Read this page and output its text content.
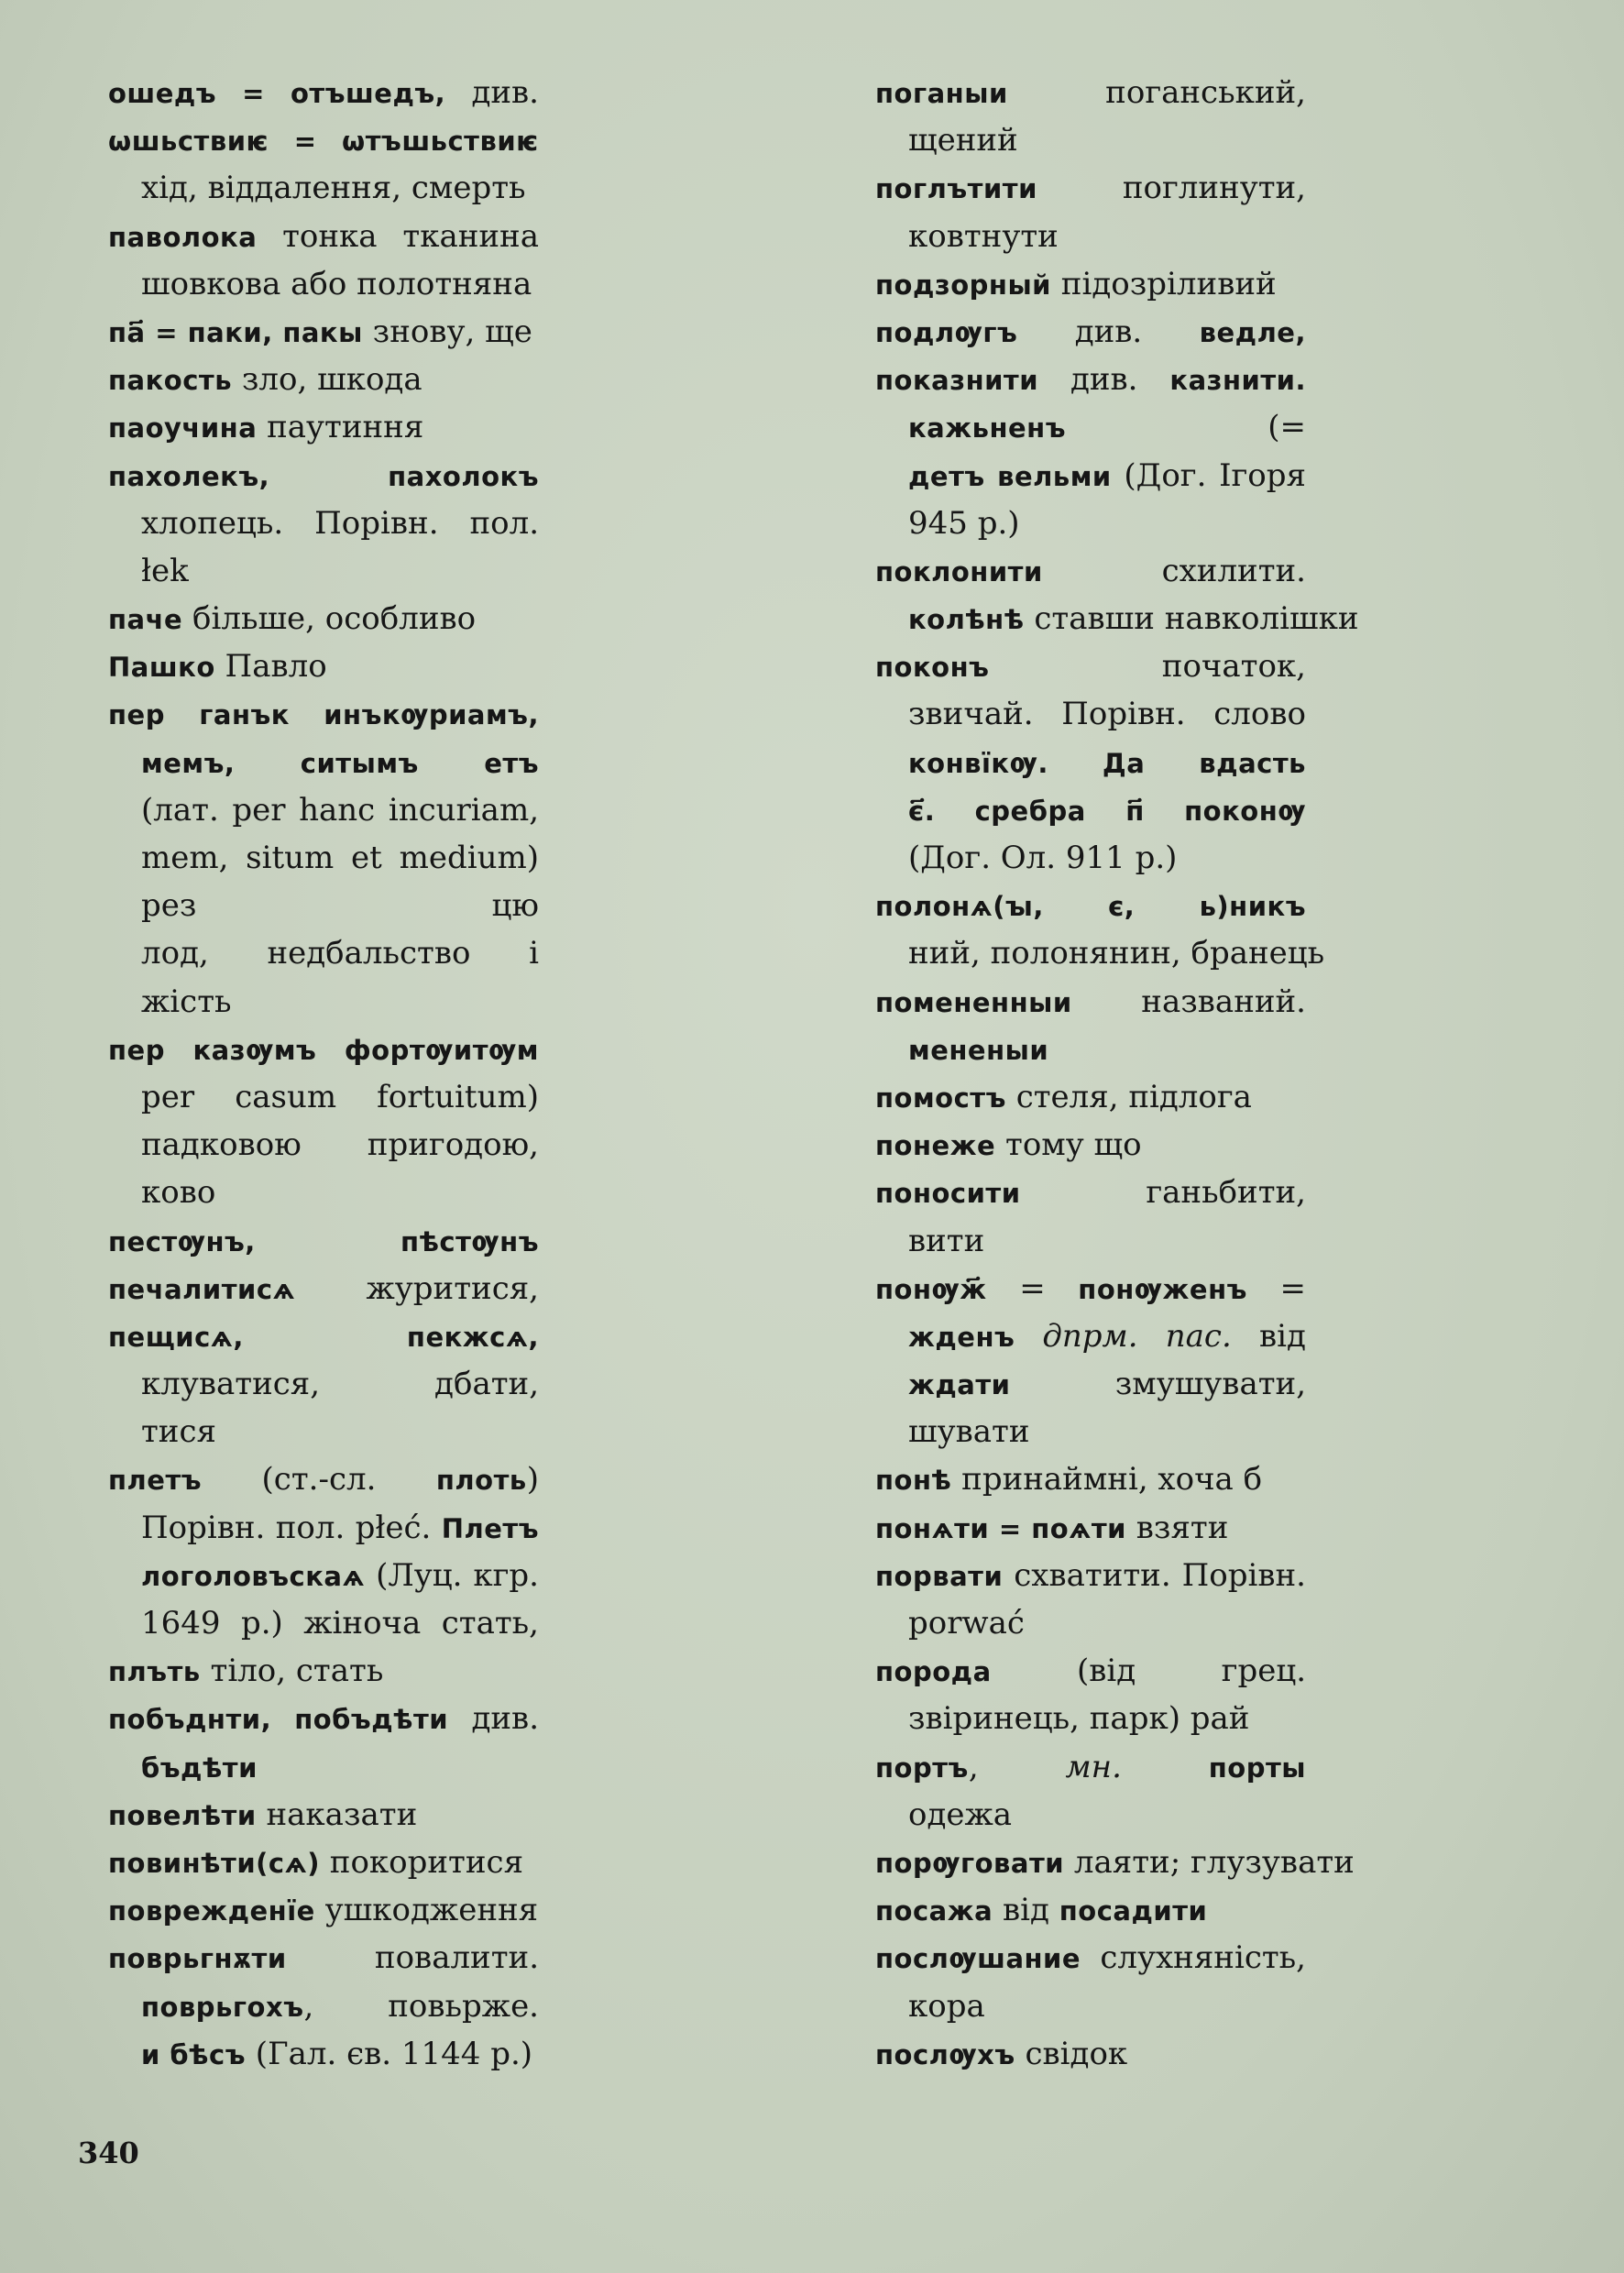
ошедъ = отъшедъ, див.
ѡшьствиѥ = ѡтъшьствиѥ
хід, віддалення, смерть
паволока тонка тканина
шовкова або полотняна
па҃ = паки, пакы знову, ще
пакость зло, шкода
паоучина паутиння
пахолекъ, пахолокъ
хлопець. Порівн. пол.
łek
паче більше, особливо
Пашко Павло
пер ганък инъкѹриамъ,
мемъ, ситымъ етъ
(лат. per hanc incuriam,
mem, situm et medium)
рез цю
лод, недбальство і
жість
пер казѹмъ фортѹитѹм
per casum fortuitum)
падковою пригодою,
ково
пестѹнъ, пѣстѹнъ
печалитисѧ журитися,
пещисѧ, пекжсѧ,
клуватися, дбати,
тися
плетъ (ст.-сл. плоть)
Порівн. пол. płeć. Плетъ
логоловъскаѧ (Луц. кгр.
1649 р.) жіноча стать,
плъть тіло, стать
побъднти, побъдѣти див.
бъдѣти
повелѣти наказати
повинѣти(сѧ) покоритися
поврежденїе ушкодження
поврьгнѫти повалити.
поврьгохъ, повьрже.
и бѣсъ (Гал. єв. 1144 р.)
поганыи	поганський,
щений
поглътити	поглинути,
ковтнути
подзорный підозріливий
подлѹгъ див. ведле,
показнити див. казнити.
кажьненъ (=
детъ вельми (Дог. Ігоря
945 р.)
поклонити схилити.
колѣнѣ ставши навколішки
поконъ	початок,
звичай. Порівн. слово
конвїкѹ. Да вдасть
є҃. сребра п҃ поконѹ
(Дог. Ол. 911 р.)
полонѧ(ꙑ, є, ь)никъ
ний, полонянин, бранець
помененныи названий.
мененыи
помостъ стеля, підлога
понеже тому що
поносити	ганьбити,
вити
понѹж҃ = понѹженъ =
жденъ дпрм. пас. від
ждати	змушувати,
шувати
понѣ принаймні, хоча б
понѧти = поѧти взяти
порвати схватити. Порівн.
porwać
порода (від грец.
звіринець, парк) рай
портъ, мн.	порты
одежа
порѹговати лаяти; глузувати
посажа від посадити
послѹшание слухняність,
кора
послѹхъ свідок
340
